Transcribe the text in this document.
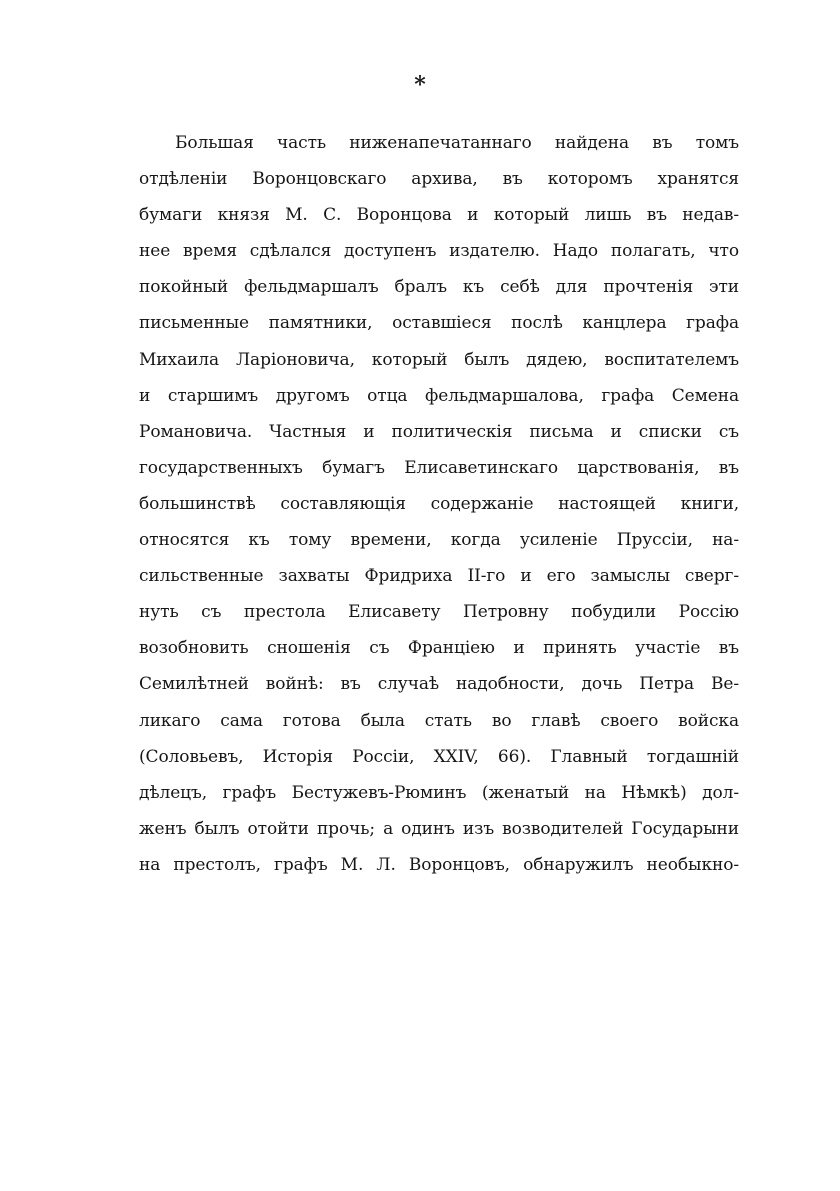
*
Большая часть ниженапечатаннаго найдена въ томъ
отдѣленіи Воронцовскаго архива, въ которомъ хранятся
бумаги князя М. С. Воронцова и который лишь въ недав-
нее время сдѣлался доступенъ издателю. Надо полагать, что
покойный фельдмаршалъ бралъ къ себѣ для прочтенія эти
письменные памятники, оставшіеся послѣ канцлера графа
Михаила Ларіоновича, который былъ дядею, воспитателемъ
и старшимъ другомъ отца фельдмаршалова, графа Семена
Романовича. Частныя и политическія письма и списки съ
государственныхъ бумагъ Елисаветинскаго царствованія, въ
большинствѣ составляющія содержаніе настоящей книги,
относятся къ тому времени, когда усиленіе Пруссіи, на-
сильственные захваты Фридриха II-го и его замыслы сверг-
нуть съ престола Елисавету Петровну побудили Россію
возобновить сношенія съ Франціею и принять участіе въ
Семилѣтней войнѣ: въ случаѣ надобности, дочь Петра Ве-
ликаго сама готова была стать во главѣ своего войска
(Соловьевъ, Исторія Россіи, XXIV, 66). Главный тогдашній
дѣлецъ, графъ Бестужевъ-Рюминъ (женатый на Нѣмкѣ) дол-
женъ былъ отойти прочь; а одинъ изъ возводителей Государыни
на престолъ, графъ М. Л. Воронцовъ, обнаружилъ необыкно-
